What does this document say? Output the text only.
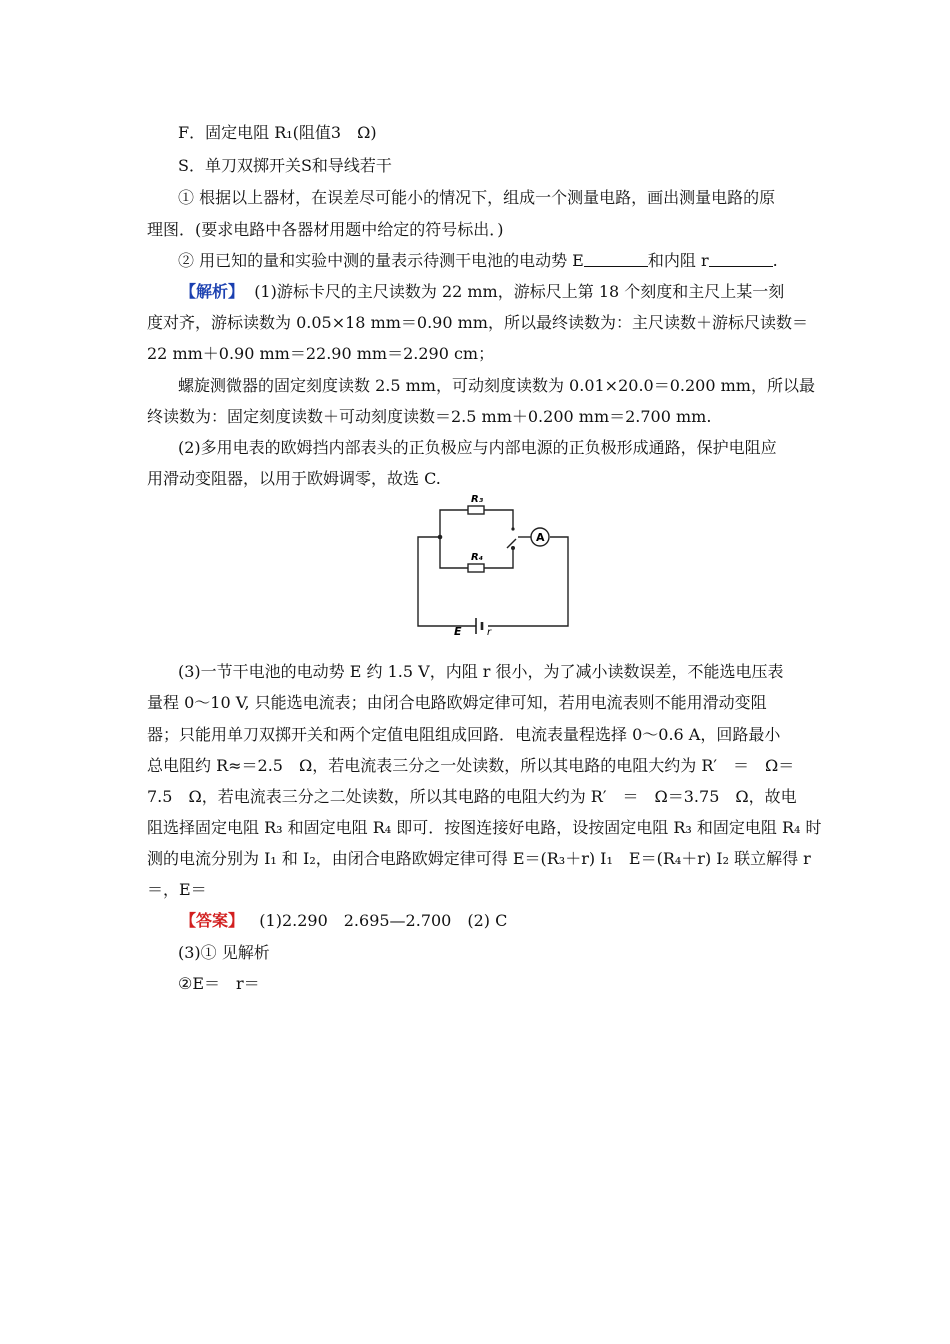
F．固定电阻 R₁(阻值3　Ω)
S．单刀双掷开关S和导线若干
① 根据以上器材，在误差尽可能小的情况下，组成一个测量电路，画出测量电路的原
理图．(要求电路中各器材用题中给定的符号标出．)
② 用已知的量和实验中测的量表示待测干电池的电动势 E	和内阻 r	.
【解析】 (1)游标卡尺的主尺读数为 22 mm，游标尺上第 18 个刻度和主尺上某一刻
度对齐，游标读数为 0.05×18 mm＝0.90 mm，所以最终读数为：主尺读数＋游标尺读数＝
22 mm＋0.90 mm＝22.90 mm＝2.290 cm；
螺旋测微器的固定刻度读数 2.5 mm，可动刻度读数为 0.01×20.0＝0.200 mm，所以最
终读数为：固定刻度读数＋可动刻度读数＝2.5 mm＋0.200 mm＝2.700 mm.
(2)多用电表的欧姆挡内部表头的正负极应与内部电源的正负极形成通路，保护电阻应
用滑动变阻器，以用于欧姆调零，故选 C.
R₃
R₄
A
E	r
(3)一节干电池的电动势 E 约 1.5 V，内阻 r 很小，为了减小读数误差，不能选电压表
量程 0～10 V, 只能选电流表；由闭合电路欧姆定律可知，若用电流表则不能用滑动变阻
器；只能用单刀双掷开关和两个定值电阻组成回路．电流表量程选择 0～0.6 A，回路最小
总电阻约 R≈＝2.5　Ω，若电流表三分之一处读数，所以其电路的电阻大约为 R′　＝　Ω＝
7.5　Ω，若电流表三分之二处读数，所以其电路的电阻大约为 R′　＝　Ω＝3.75　Ω，故电
阻选择固定电阻 R₃ 和固定电阻 R₄ 即可．按图连接好电路，设按固定电阻 R₃ 和固定电阻 R₄ 时
测的电流分别为 I₁ 和 I₂，由闭合电路欧姆定律可得 E＝(R₃＋r) I₁　E＝(R₄＋r) I₂ 联立解得 r
＝，E＝
【答案】 (1)2.290　2.695—2.700　(2) C
(3)① 见解析
②E＝　r＝
